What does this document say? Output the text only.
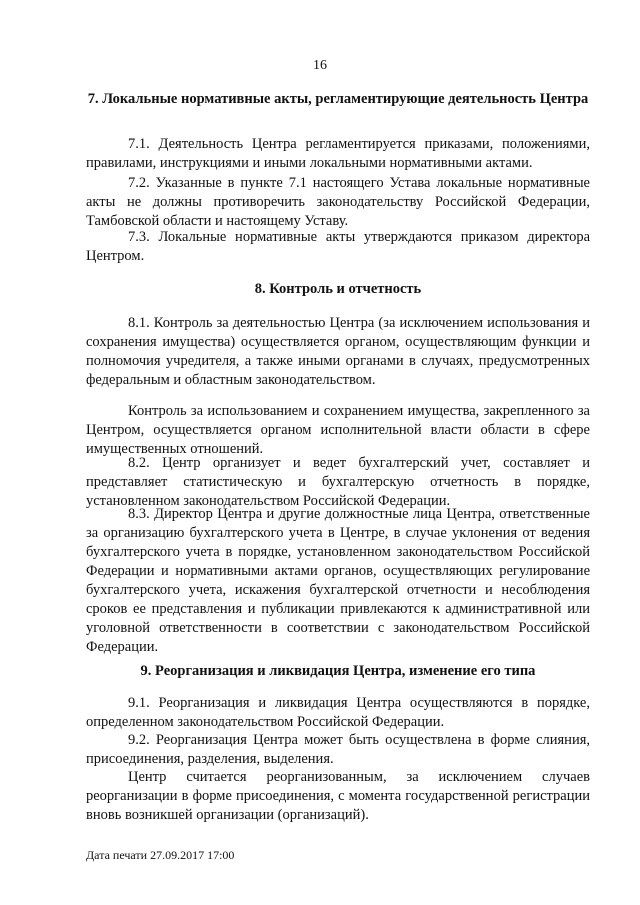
16
7. Локальные нормативные акты, регламентирующие деятельность Центра
7.1. Деятельность Центра регламентируется приказами, положениями, правилами, инструкциями и иными локальными нормативными актами.
7.2. Указанные в пункте 7.1 настоящего Устава локальные нормативные акты не должны противоречить законодательству Российской Федерации, Тамбовской области и настоящему Уставу.
7.3. Локальные нормативные акты утверждаются приказом директора Центром.
8. Контроль и отчетность
8.1. Контроль за деятельностью Центра (за исключением использования и сохранения имущества) осуществляется органом, осуществляющим функции и полномочия учредителя, а также иными органами в случаях, предусмотренных федеральным и областным законодательством.
Контроль за использованием и сохранением имущества, закрепленного за Центром, осуществляется органом исполнительной власти области в сфере имущественных отношений.
8.2. Центр организует и ведет бухгалтерский учет, составляет и представляет статистическую и бухгалтерскую отчетность в порядке, установленном законодательством Российской Федерации.
8.3. Директор Центра и другие должностные лица Центра, ответственные за организацию бухгалтерского учета в Центре, в случае уклонения от ведения бухгалтерского учета в порядке, установленном законодательством Российской Федерации и нормативными актами органов, осуществляющих регулирование бухгалтерского учета, искажения бухгалтерской отчетности и несоблюдения сроков ее представления и публикации привлекаются к административной или уголовной ответственности в соответствии с законодательством Российской Федерации.
9. Реорганизация и ликвидация Центра, изменение его типа
9.1. Реорганизация и ликвидация Центра осуществляются в порядке, определенном законодательством Российской Федерации.
9.2. Реорганизация Центра может быть осуществлена в форме слияния, присоединения, разделения, выделения.
Центр считается реорганизованным, за исключением случаев реорганизации в форме присоединения, с момента государственной регистрации вновь возникшей организации (организаций).
Дата печати 27.09.2017 17:00
